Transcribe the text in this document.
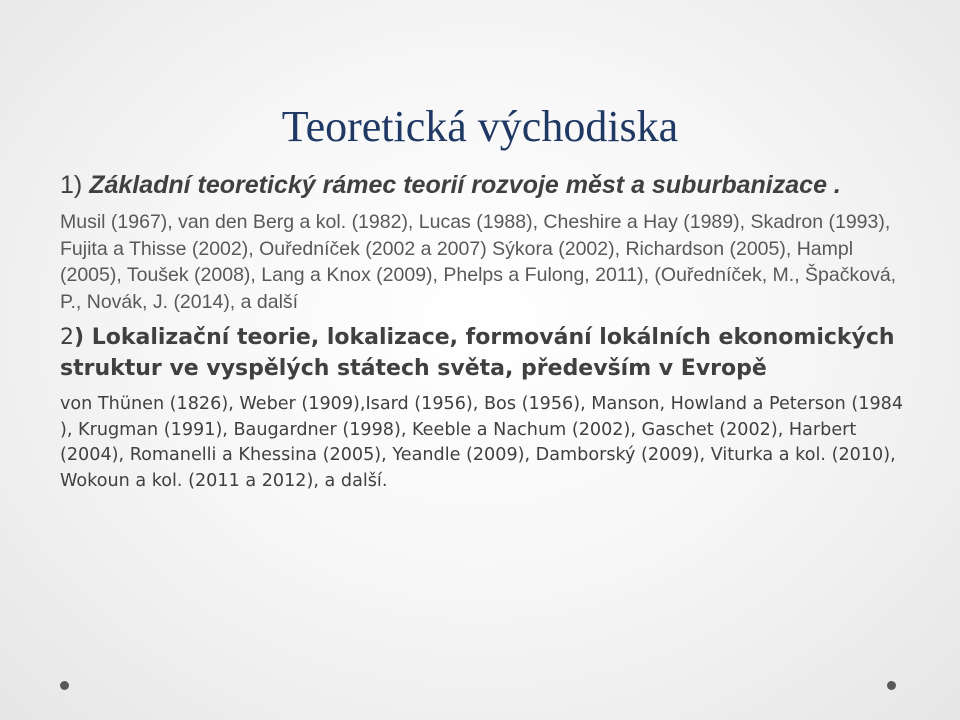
Teoretická východiska

1) Základní teoretický rámec teorií rozvoje měst a suburbanizace .

Musil (1967), van den Berg a kol. (1982), Lucas (1988), Cheshire a Hay (1989), Skadron (1993), Fujita a Thisse (2002), Ouředníček (2002 a 2007) Sýkora (2002), Richardson (2005), Hampl (2005), Toušek (2008), Lang a Knox (2009), Phelps a Fulong, 2011), (Ouředníček, M., Špačková, P., Novák, J. (2014), a další

2) Lokalizační teorie, lokalizace, formování lokálních ekonomických struktur ve vyspělých státech světa, především v Evropě

von Thünen (1826), Weber (1909),Isard (1956), Bos (1956), Manson, Howland a Peterson (1984 ), Krugman (1991), Baugardner (1998), Keeble a Nachum (2002), Gaschet (2002), Harbert (2004), Romanelli a Khessina (2005), Yeandle (2009), Damborský (2009), Viturka a kol. (2010), Wokoun a kol. (2011 a 2012), a další.
